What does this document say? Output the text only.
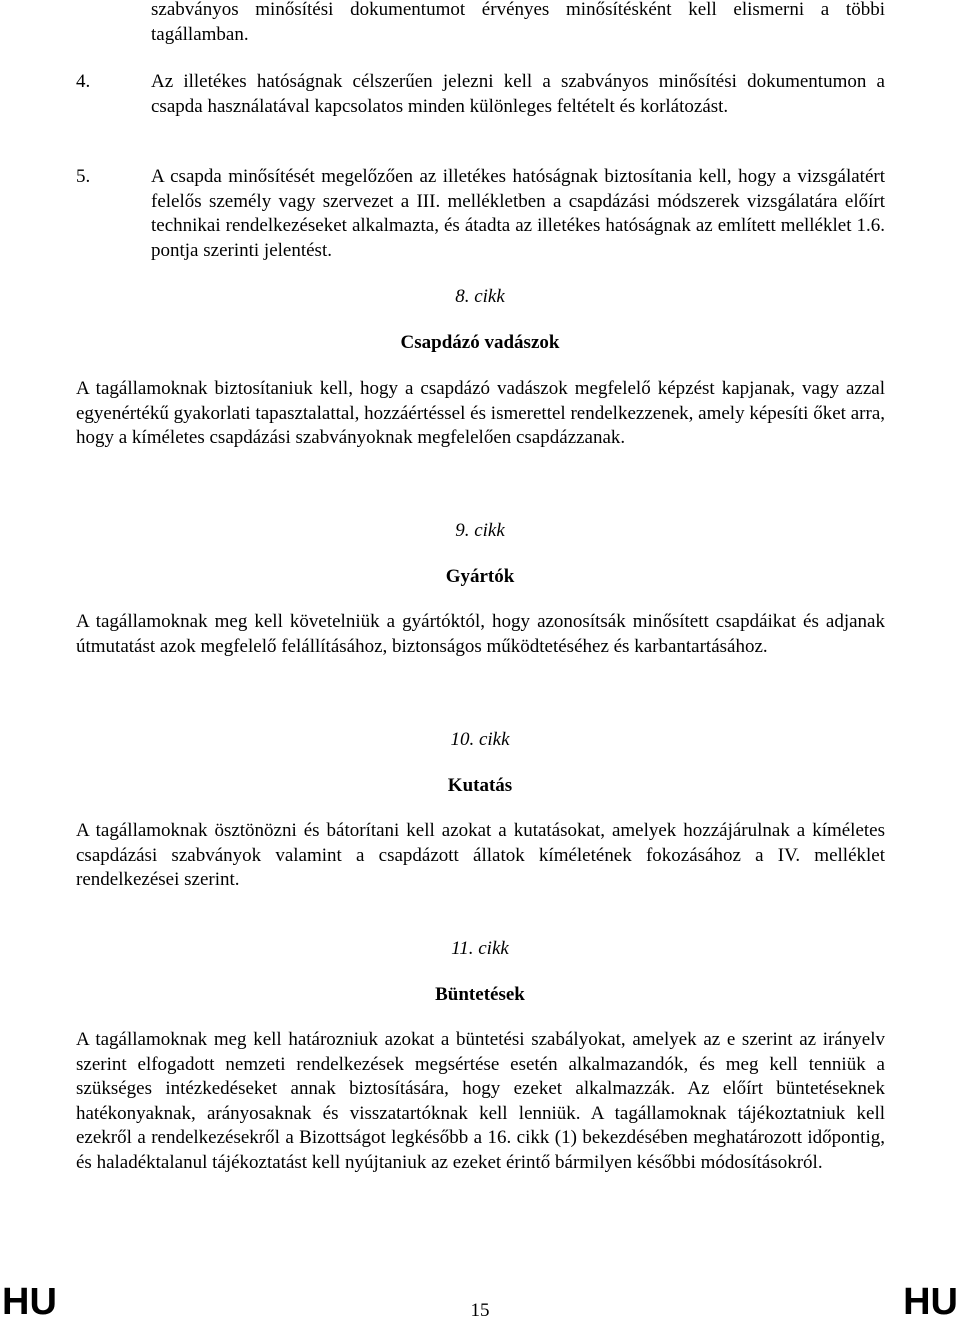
szabványos minősítési dokumentumot érvényes minősítésként kell elismerni a többi tagállamban.

4.	Az illetékes hatóságnak célszerűen jelezni kell a szabványos minősítési dokumentumon a csapda használatával kapcsolatos minden különleges feltételt és korlátozást.

5.	A csapda minősítését megelőzően az illetékes hatóságnak biztosítania kell, hogy a vizsgálatért felelős személy vagy szervezet a III. mellékletben a csapdázási módszerek vizsgálatára előírt technikai rendelkezéseket alkalmazta, és átadta az illetékes hatóságnak az említett melléklet 1.6. pontja szerinti jelentést.

8. cikk

Csapdázó vadászok

A tagállamoknak biztosítaniuk kell, hogy a csapdázó vadászok megfelelő képzést kapjanak, vagy azzal egyenértékű gyakorlati tapasztalattal, hozzáértéssel és ismerettel rendelkezzenek, amely képesíti őket arra, hogy a kíméletes csapdázási szabványoknak megfelelően csapdázzanak.

9. cikk

Gyártók

A tagállamoknak meg kell követelniük a gyártóktól, hogy azonosítsák minősített csapdáikat és adjanak útmutatást azok megfelelő felállításához, biztonságos működtetéséhez és karbantartásához.

10. cikk

Kutatás

A tagállamoknak ösztönözni és bátorítani kell azokat a kutatásokat, amelyek hozzájárulnak a kíméletes csapdázási szabványok valamint a csapdázott állatok kíméletének fokozásához a IV. melléklet rendelkezései szerint.

11. cikk

Büntetések

A tagállamoknak meg kell határozniuk azokat a büntetési szabályokat, amelyek az e szerint az irányelv szerint elfogadott nemzeti rendelkezések megsértése esetén alkalmazandók, és meg kell tenniük a szükséges intézkedéseket annak biztosítására, hogy ezeket alkalmazzák. Az előírt büntetéseknek hatékonyaknak, arányosaknak és visszatartóknak kell lenniük. A tagállamoknak tájékoztatniuk kell ezekről a rendelkezésekről a Bizottságot legkésőbb a 16. cikk (1) bekezdésében meghatározott időpontig, és haladéktalanul tájékoztatást kell nyújtaniuk az ezeket érintő bármilyen későbbi módosításokról.

HU	15	HU
